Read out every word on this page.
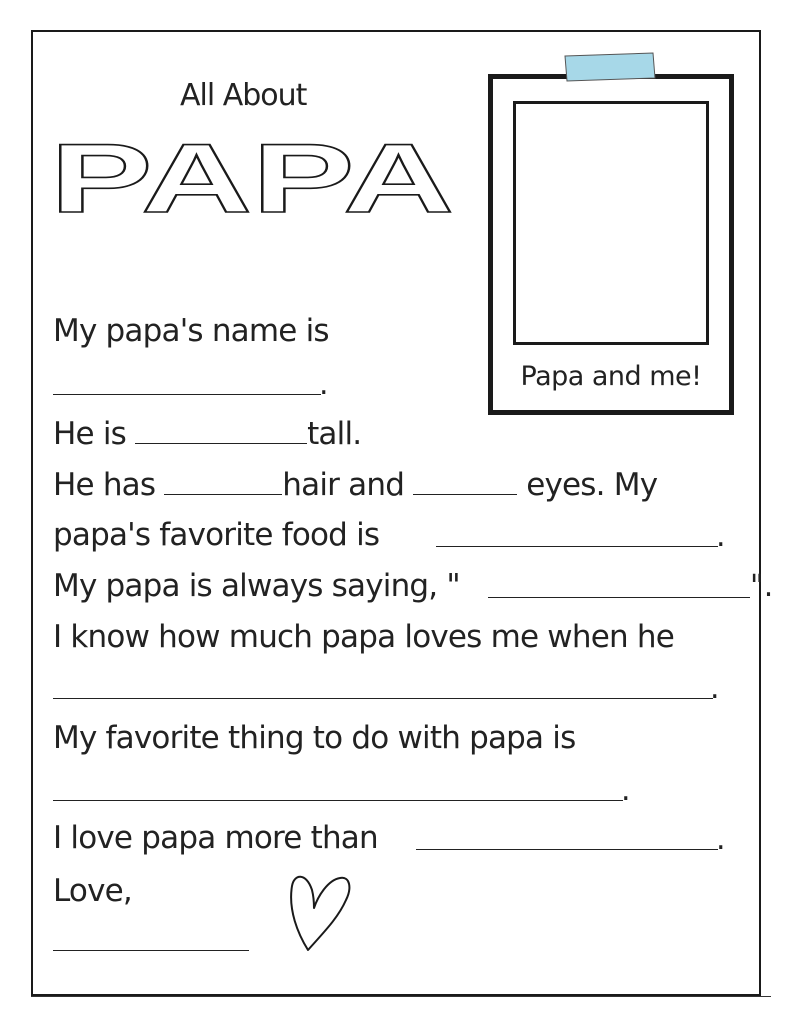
All About
PAPA
Papa and me!

My papa's name is

.

He is	tall.

He has	hair and	eyes. My

papa's favorite food is	.

My papa is always saying, "	".

I know how much papa loves me when he

.

My favorite thing to do with papa is

.

I love papa more than	.

Love,
